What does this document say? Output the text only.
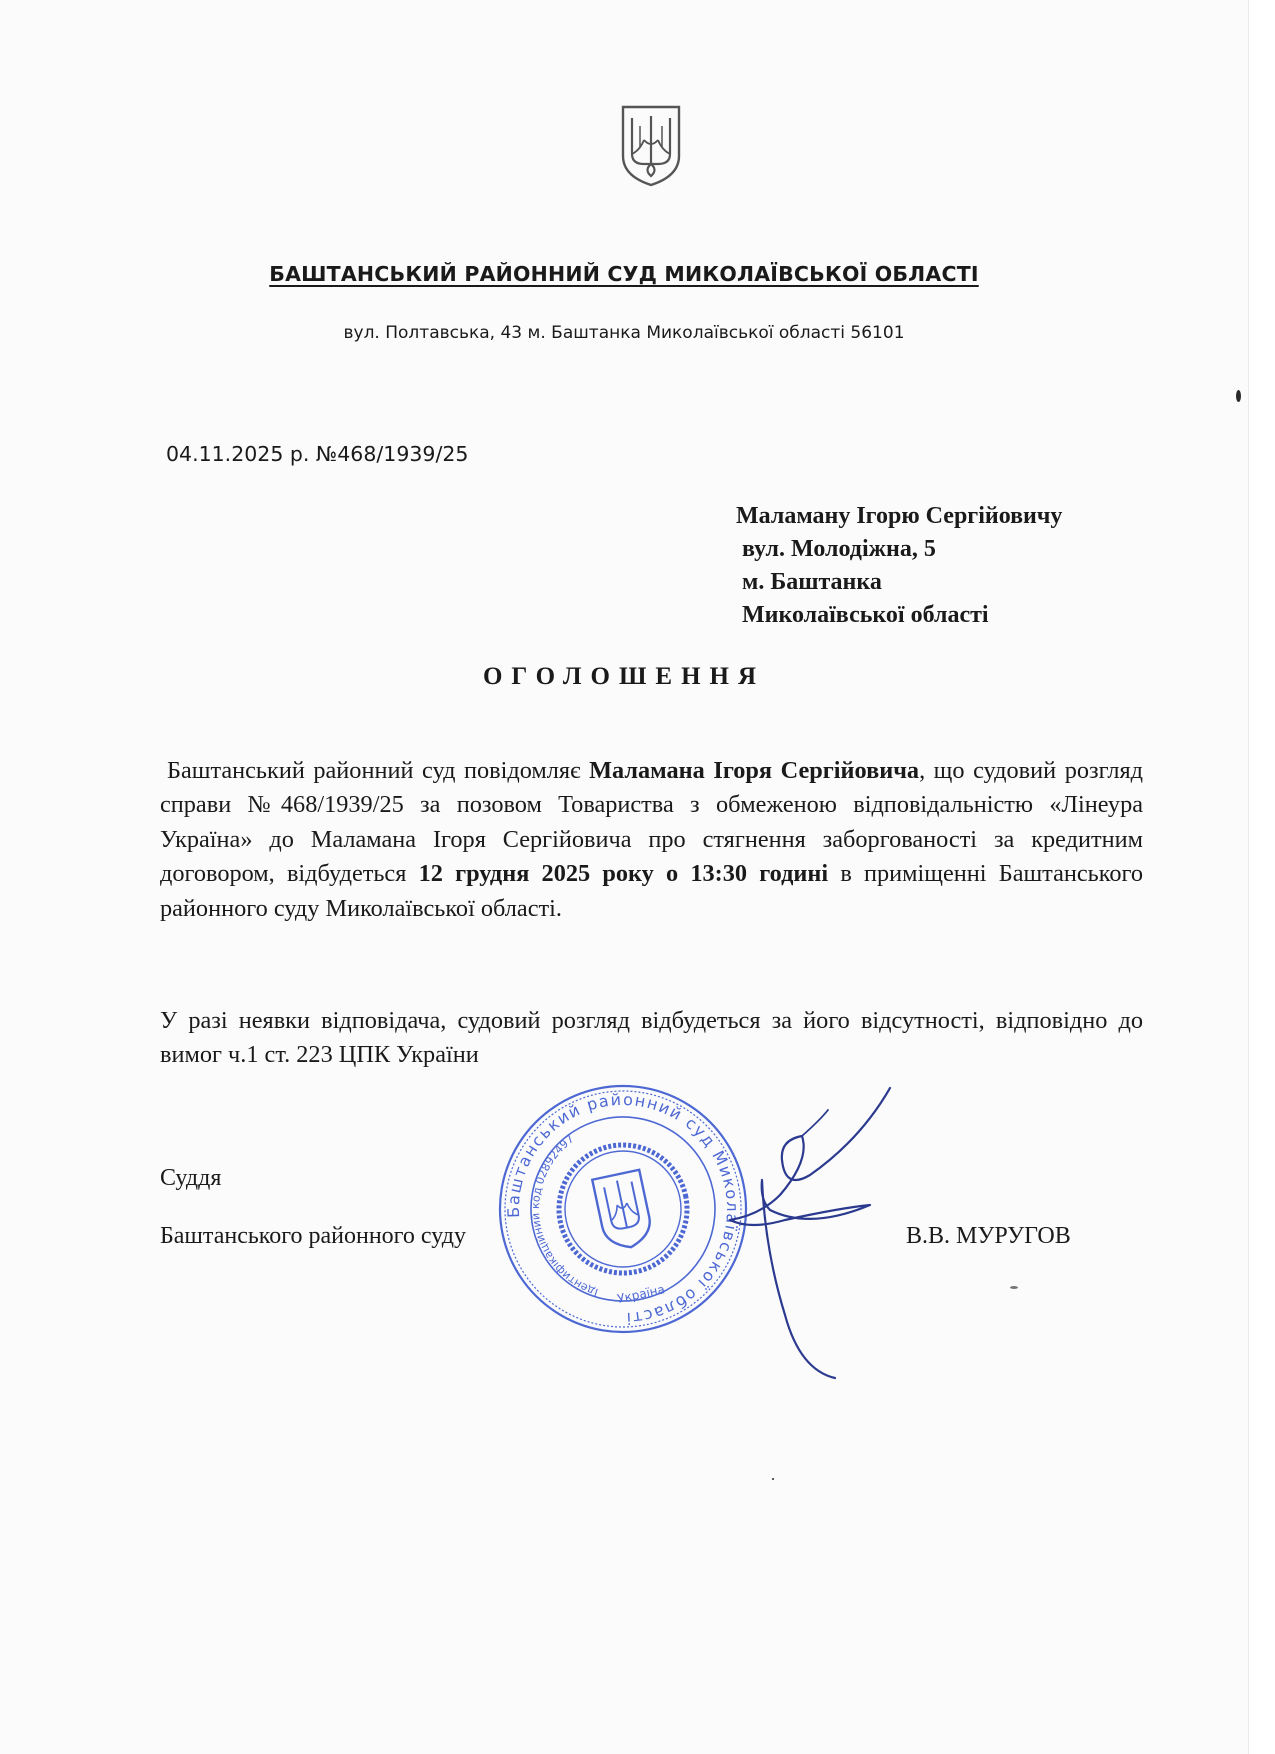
БАШТАНСЬКИЙ РАЙОННИЙ СУД МИКОЛАЇВСЬКОЇ ОБЛАСТІ
вул. Полтавська, 43 м. Баштанка Миколаївської області 56101
04.11.2025 р. №468/1939/25
Маламану Ігорю Сергійовичу
вул. Молодіжна, 5
м. Баштанка
Миколаївської області
ОГОЛОШЕННЯ
Баштанський районний суд повідомляє Маламана Ігоря Сергійовича, що судовий розгляд справи №468/1939/25 за позовом Товариства з обмеженою відповідальністю «Лінеура Україна» до Маламана Ігоря Сергійовича про стягнення заборгованості за кредитним договором, відбудеться 12 грудня 2025 року о 13:30 годині в приміщенні Баштанського районного суду Миколаївської області.
У разі неявки відповідача, судовий розгляд відбудеться за його відсутності, відповідно до вимог ч.1 ст. 223 ЦПК України
Суддя
Баштанського районного суду	В.В. МУРУГОВ
Баштанський районний суд Миколаївської області
Ідентифікаційний код 02892497
Україна
